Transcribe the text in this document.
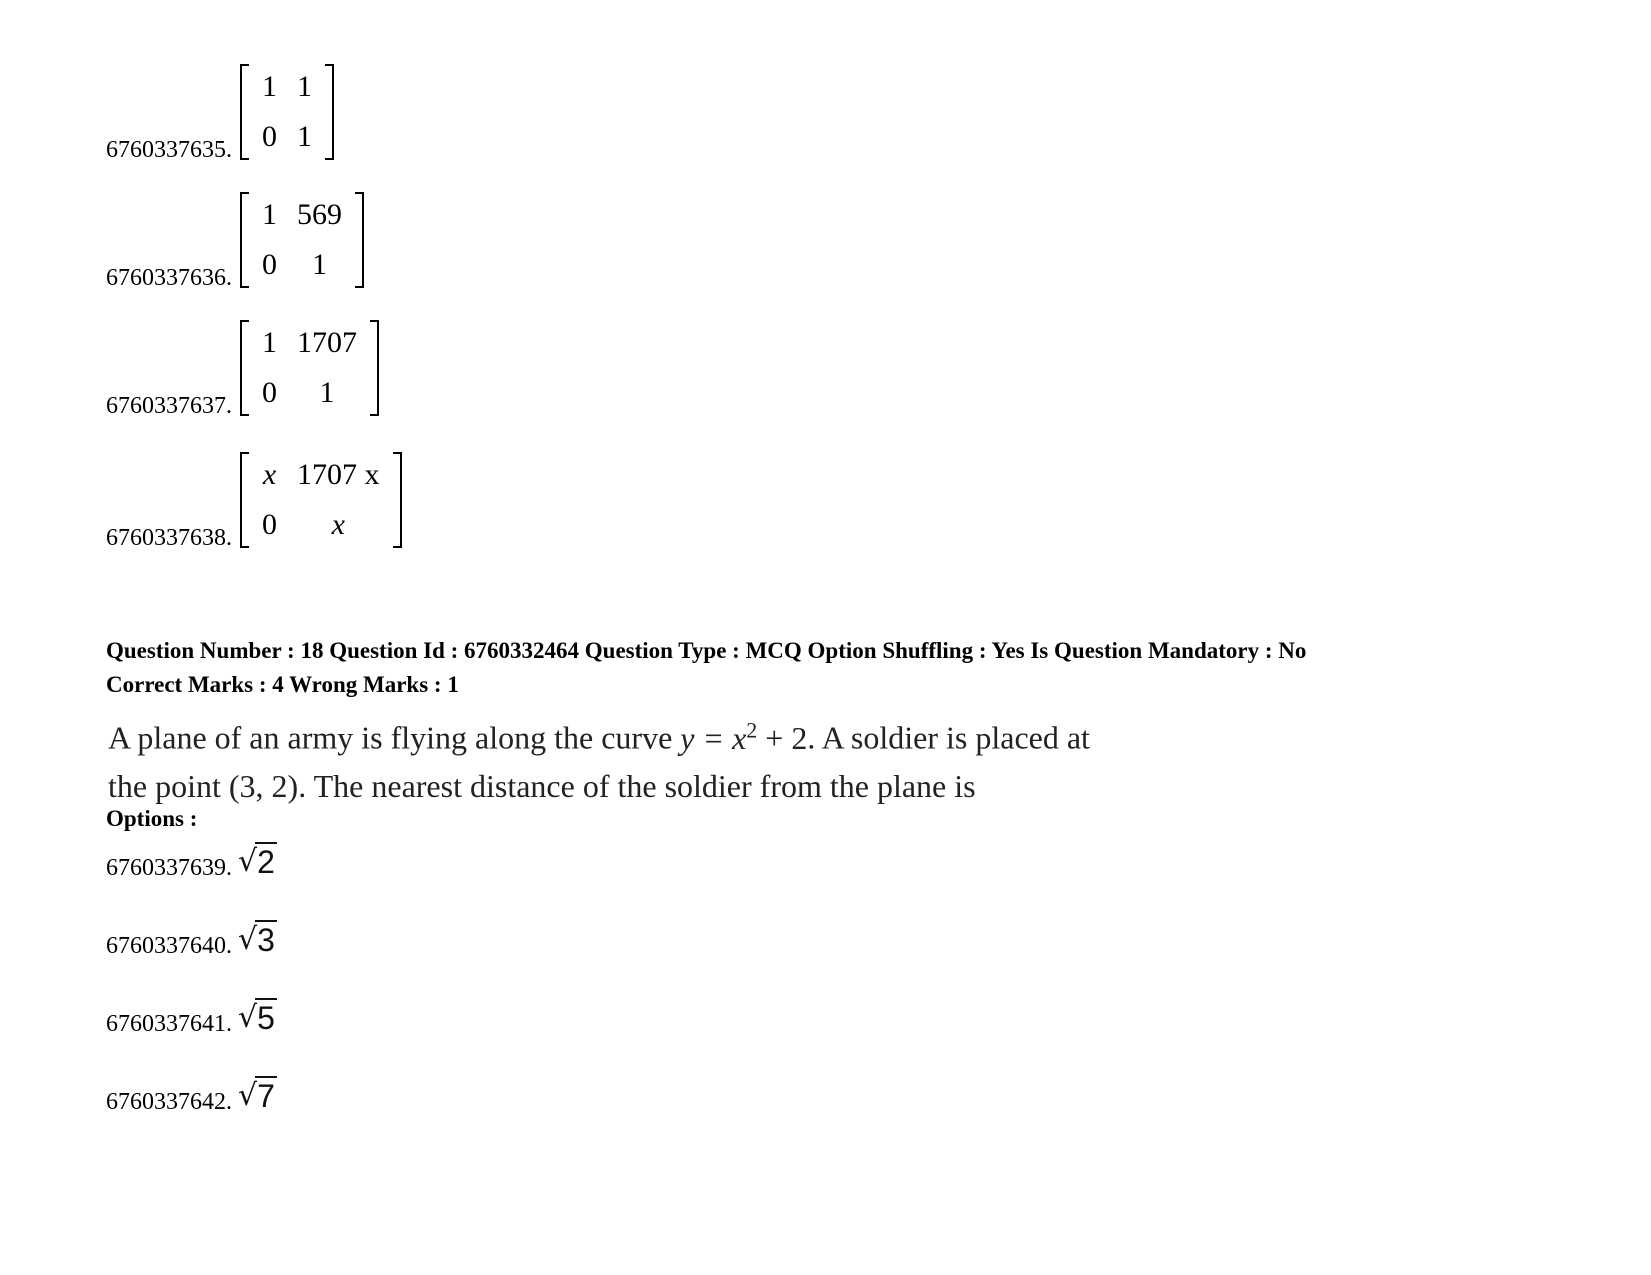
6760337635.
1	1
0	1
6760337636.
1	569
0	1
6760337637.
1	1707
0	1
6760337638.
x	1707 x
0	x
Question Number : 18 Question Id : 6760332464 Question Type : MCQ Option Shuffling : Yes Is Question Mandatory : No
Correct Marks : 4 Wrong Marks : 1
A plane of an army is flying along the curve $y = x^2 + 2$. A soldier is placed at
the point (3, 2). The nearest distance of the soldier from the plane is
Options :
6760337639. √ 2
6760337640. √ 3
6760337641. √ 5
6760337642. √ 7
